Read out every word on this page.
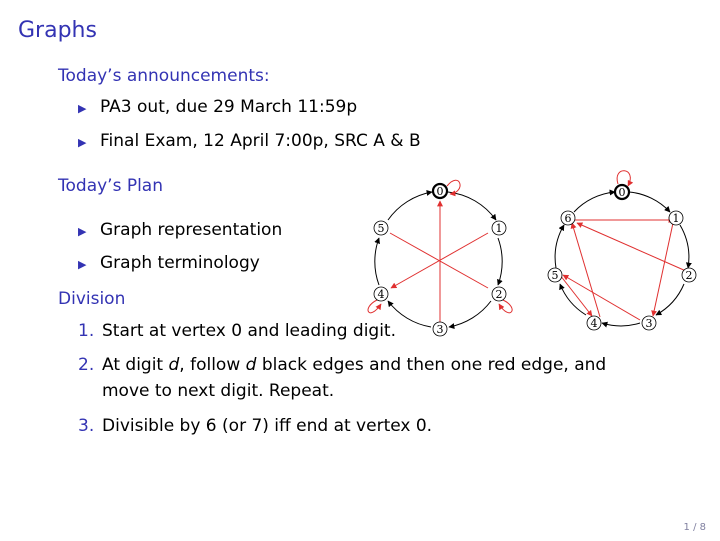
Graphs
Today’s announcements:
▶ PA3 out, due 29 March 11:59p
▶ Final Exam, 12 April 7:00p, SRC A & B
Today’s Plan
▶ Graph representation
▶ Graph terminology
Division
1. Start at vertex 0 and leading digit.
2. At digit d, follow d black edges and then one red edge, and move to next digit. Repeat.
3. Divisible by 6 (or 7) iff end at vertex 0.
0
1
2
3
4
5
0
1
2
3
4
5
6
1 / 8
